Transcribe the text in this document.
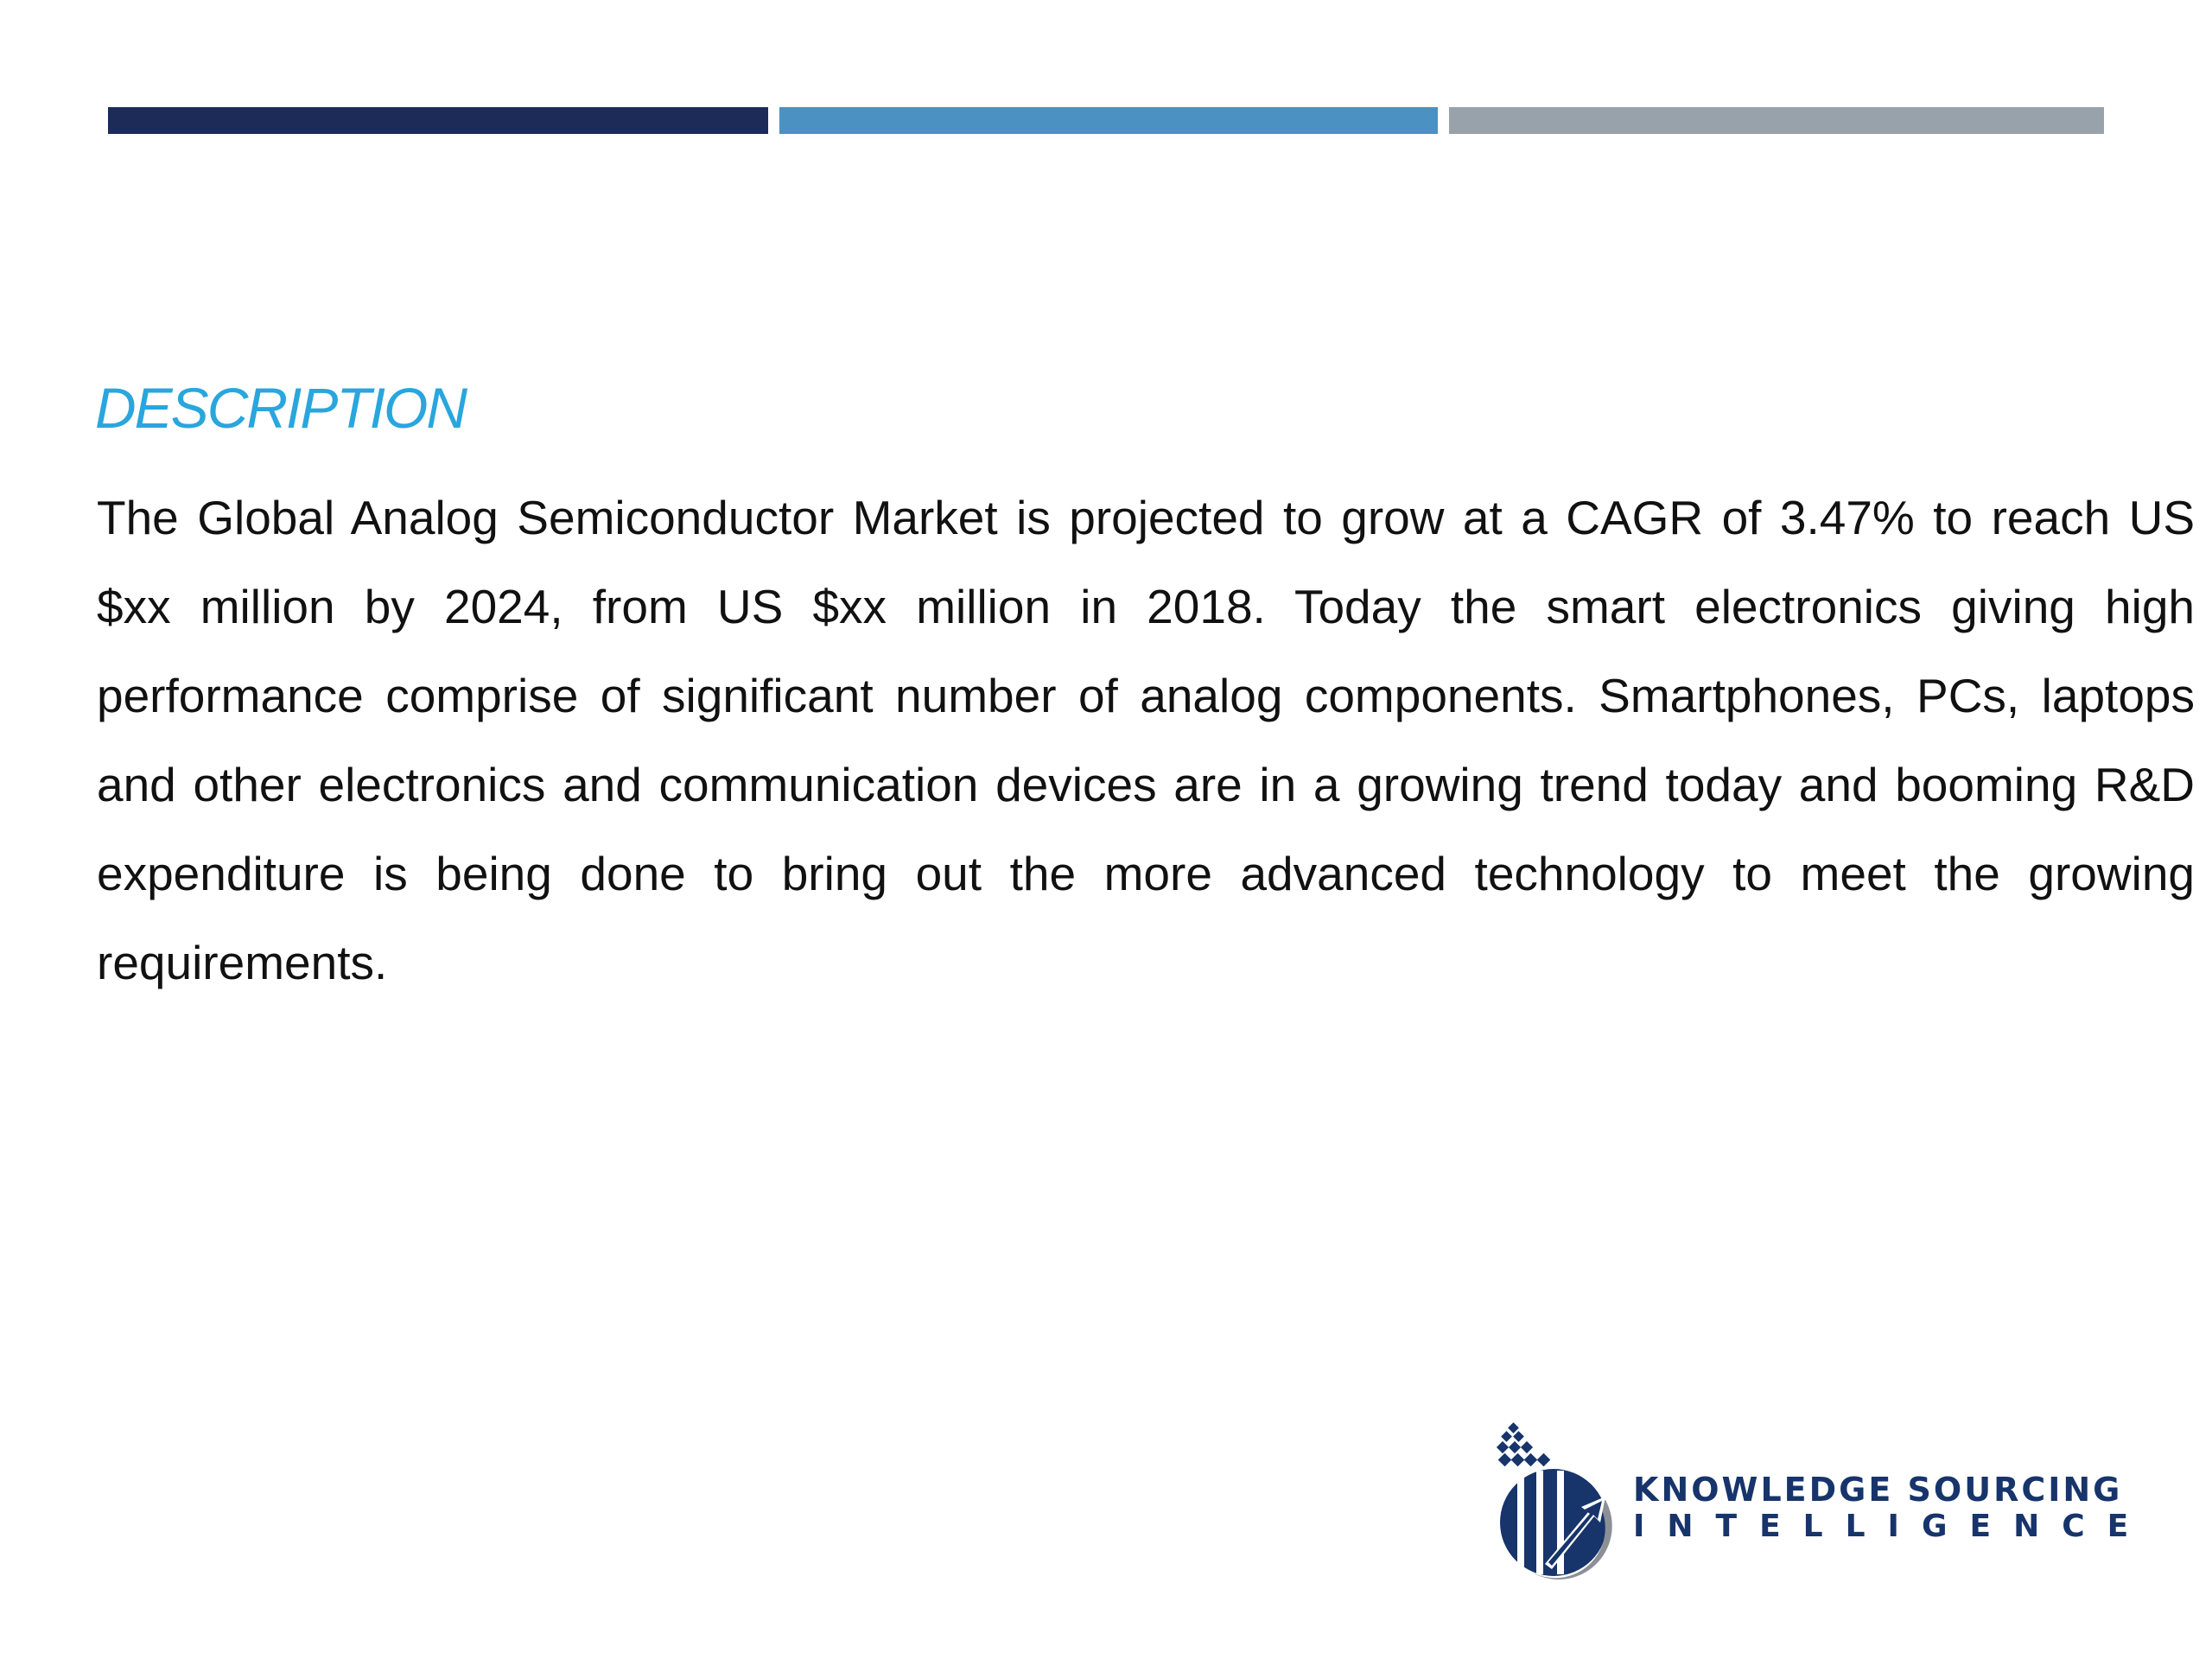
DESCRIPTION

The Global Analog Semiconductor Market is projected to grow at a CAGR of 3.47% to reach US $xx million by 2024, from US $xx million in 2018. Today the smart electronics giving high performance comprise of significant number of analog components. Smartphones, PCs, laptops and other electronics and communication devices are in a growing trend today and booming R&D expenditure is being done to bring out the more advanced technology to meet the growing requirements.

KNOWLEDGE SOURCING
INTELLIGENCE
